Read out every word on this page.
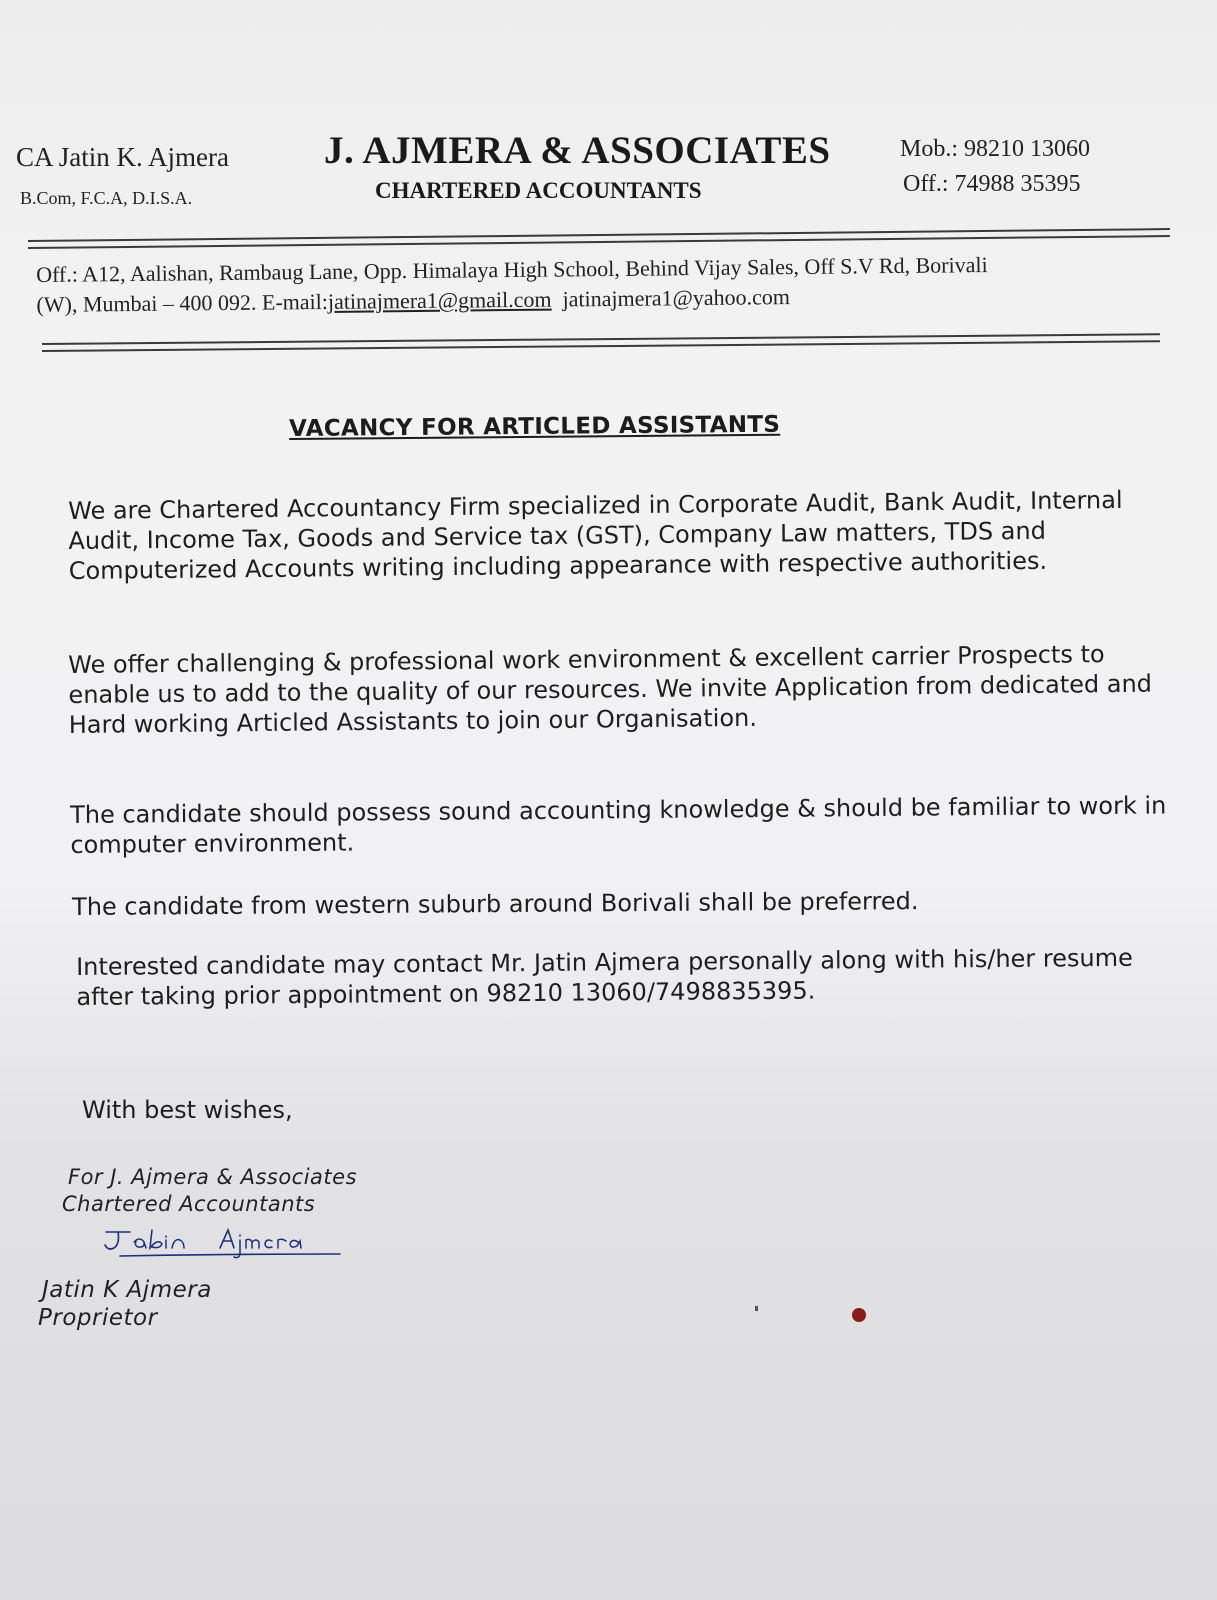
CA Jatin K. Ajmera
B.Com, F.C.A, D.I.S.A.
J. AJMERA & ASSOCIATES
CHARTERED ACCOUNTANTS
Mob.: 98210 13060
Off.: 74988 35395
Off.: A12, Aalishan, Rambaug Lane, Opp. Himalaya High School, Behind Vijay Sales, Off S.V Rd, Borivali
(W), Mumbai – 400 092. E-mail:jatinajmera1@gmail.com jatinajmera1@yahoo.com
VACANCY FOR ARTICLED ASSISTANTS
We are Chartered Accountancy Firm specialized in Corporate Audit, Bank Audit, Internal Audit, Income Tax, Goods and Service tax (GST), Company Law matters, TDS and Computerized Accounts writing including appearance with respective authorities.
We offer challenging & professional work environment & excellent carrier Prospects to enable us to add to the quality of our resources. We invite Application from dedicated and Hard working Articled Assistants to join our Organisation.
The candidate should possess sound accounting knowledge & should be familiar to work in computer environment.
The candidate from western suburb around Borivali shall be preferred.
Interested candidate may contact Mr. Jatin Ajmera personally along with his/her resume after taking prior appointment on 98210 13060/7498835395.
With best wishes,
For J. Ajmera & Associates
Chartered Accountants
Jatin K Ajmera
Proprietor
